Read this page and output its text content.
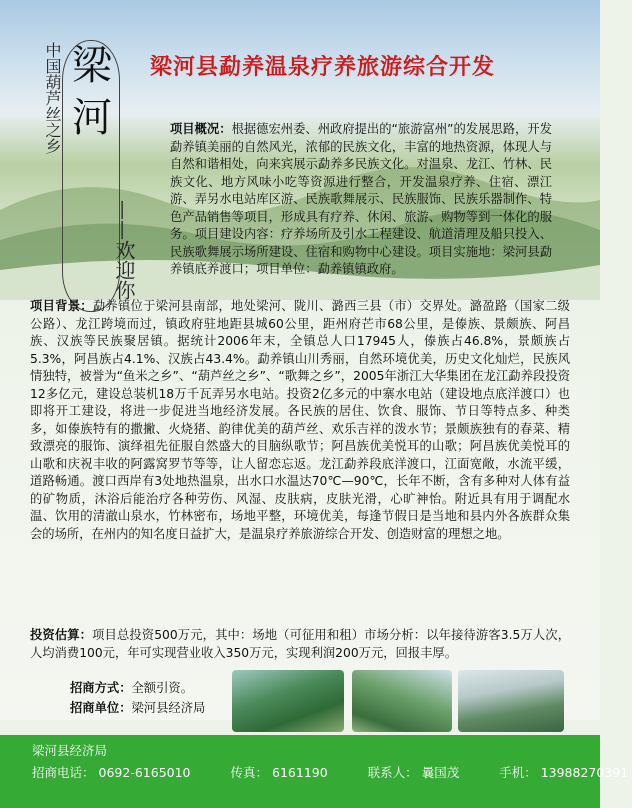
中国葫芦丝之乡 梁河
——欢迎你
梁河县勐养温泉疗养旅游综合开发
项目概况：根据德宏州委、州政府提出的“旅游富州”的发展思路，开发勐养镇美丽的自然风光，浓郁的民族文化，丰富的地热资源，体现人与自然和谐相处，向来宾展示勐养多民族文化。对温泉、龙江、竹林、民族文化、地方风味小吃等资源进行整合，开发温泉疗养、住宿、漂江游、弄另水电站库区游、民族歌舞展示、民族服饰、民族乐器制作、特色产品销售等项目，形成具有疗养、休闲、旅游、购物等到一体化的服务。项目建设内容：疗养场所及引水工程建设、航道清理及船只投入、民族歌舞展示场所建设、住宿和购物中心建设。项目实施地：梁河县勐养镇底养渡口；项目单位：勐养镇镇政府。
项目背景：勐养镇位于梁河县南部，地处梁河、陇川、潞西三县（市）交界处。潞盈路（国家二级公路）、龙江跨境而过，镇政府驻地距县城60公里，距州府芒市68公里，是傣族、景颇族、阿昌族、汉族等民族聚居镇。据统计2006年末，全镇总人口17945人，傣族占46.8%，景颇族占5.3%，阿昌族占4.1%、汉族占43.4%。勐养镇山川秀丽，自然环境优美，历史文化灿烂，民族风情独特，被誉为“鱼米之乡”、“葫芦丝之乡”、“歌舞之乡”，2005年浙江大华集团在龙江勐养段投资12多亿元，建设总装机18万千瓦弄另水电站。投资2亿多元的中寨水电站（建设地点底洋渡口）也即将开工建设，将进一步促进当地经济发展。各民族的居住、饮食、服饰、节日等特点多、种类多，如傣族特有的撒撇、火烧猪、韵律优美的葫芦丝、欢乐吉祥的泼水节；景颇族独有的春菜、精致漂亮的服饰、演绎祖先征服自然盛大的目脑纵歌节；阿昌族优美悦耳的山歌；阿昌族优美悦耳的山歌和庆祝丰收的阿露窝罗节等等，让人留恋忘返。龙江勐养段底洋渡口，江面宽敞，水流平缓，道路畅通。渡口西岸有3处地热温泉，出水口水温达70℃—90℃，长年不断，含有多种对人体有益的矿物质，沐浴后能治疗各种劳伤、风湿、皮肤病，皮肤光滑，心旷神怡。附近具有用于调配水温、饮用的清澈山泉水，竹林密布，场地平整，环境优美，每逢节假日是当地和县内外各族群众集会的场所，在州内的知名度日益扩大，是温泉疗养旅游综合开发、创造财富的理想之地。
投资估算：项目总投资500万元，其中：场地（可征用和租）市场分析：以年接待游客3.5万人次，人均消费100元，年可实现营业收入350万元，实现利润200万元，回报丰厚。
招商方式：全额引资。
招商单位：梁河县经济局
梁河县经济局
招商电话： 0692-6165010	传真： 6161190	联系人： 曩国茂	手机： 13988270391
